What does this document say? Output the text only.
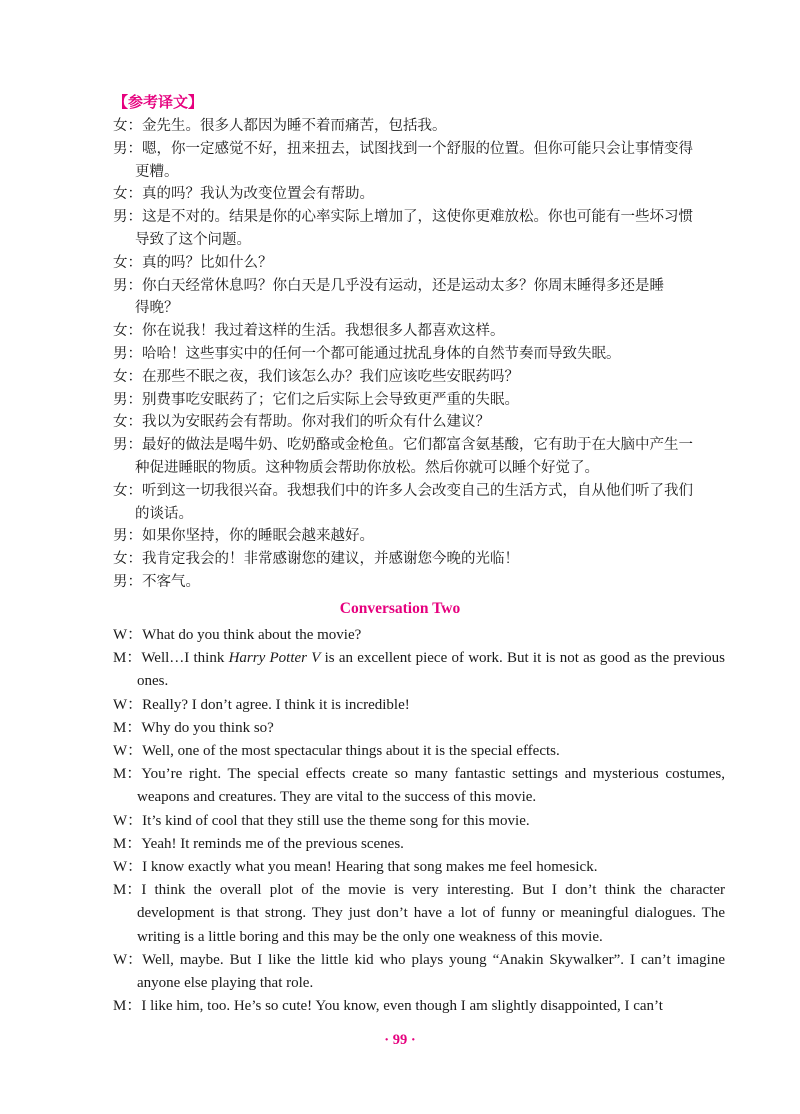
【参考译文】
女： 金先生。很多人都因为睡不着而痛苦，包括我。
男： 嗯，你一定感觉不好，扭来扭去，试图找到一个舒服的位置。但你可能只会让事情变得
更糟。
女： 真的吗？我认为改变位置会有帮助。
男： 这是不对的。结果是你的心率实际上增加了，这使你更难放松。你也可能有一些坏习惯
导致了这个问题。
女： 真的吗？比如什么？
男： 你白天经常休息吗？你白天是几乎没有运动，还是运动太多？你周末睡得多还是睡
得晚？
女： 你在说我！我过着这样的生活。我想很多人都喜欢这样。
男： 哈哈！这些事实中的任何一个都可能通过扰乱身体的自然节奏而导致失眠。
女： 在那些不眠之夜，我们该怎么办？我们应该吃些安眠药吗？
男： 别费事吃安眠药了；它们之后实际上会导致更严重的失眠。
女： 我以为安眠药会有帮助。你对我们的听众有什么建议？
男： 最好的做法是喝牛奶、吃奶酪或金枪鱼。它们都富含氨基酸，它有助于在大脑中产生一
种促进睡眠的物质。这种物质会帮助你放松。然后你就可以睡个好觉了。
女： 听到这一切我很兴奋。我想我们中的许多人会改变自己的生活方式，自从他们听了我们
的谈话。
男： 如果你坚持，你的睡眠会越来越好。
女： 我肯定我会的！非常感谢您的建议，并感谢您今晚的光临！
男： 不客气。
Conversation Two
W： What do you think about the movie?
M： Well…I think Harry Potter V is an excellent piece of work. But it is not as good as the previous
ones.
W： Really? I don’t agree. I think it is incredible!
M： Why do you think so?
W： Well, one of the most spectacular things about it is the special effects.
M： You’re right. The special effects create so many fantastic settings and mysterious costumes,
weapons and creatures. They are vital to the success of this movie.
W： It’s kind of cool that they still use the theme song for this movie.
M： Yeah! It reminds me of the previous scenes.
W： I know exactly what you mean! Hearing that song makes me feel homesick.
M： I think the overall plot of the movie is very interesting. But I don’t think the character
development is that strong. They just don’t have a lot of funny or meaningful dialogues. The
writing is a little boring and this may be the only one weakness of this movie.
W： Well, maybe. But I like the little kid who plays young “Anakin Skywalker”. I can’t imagine
anyone else playing that role.
M： I like him, too. He’s so cute! You know, even though I am slightly disappointed, I can’t
· 99 ·
